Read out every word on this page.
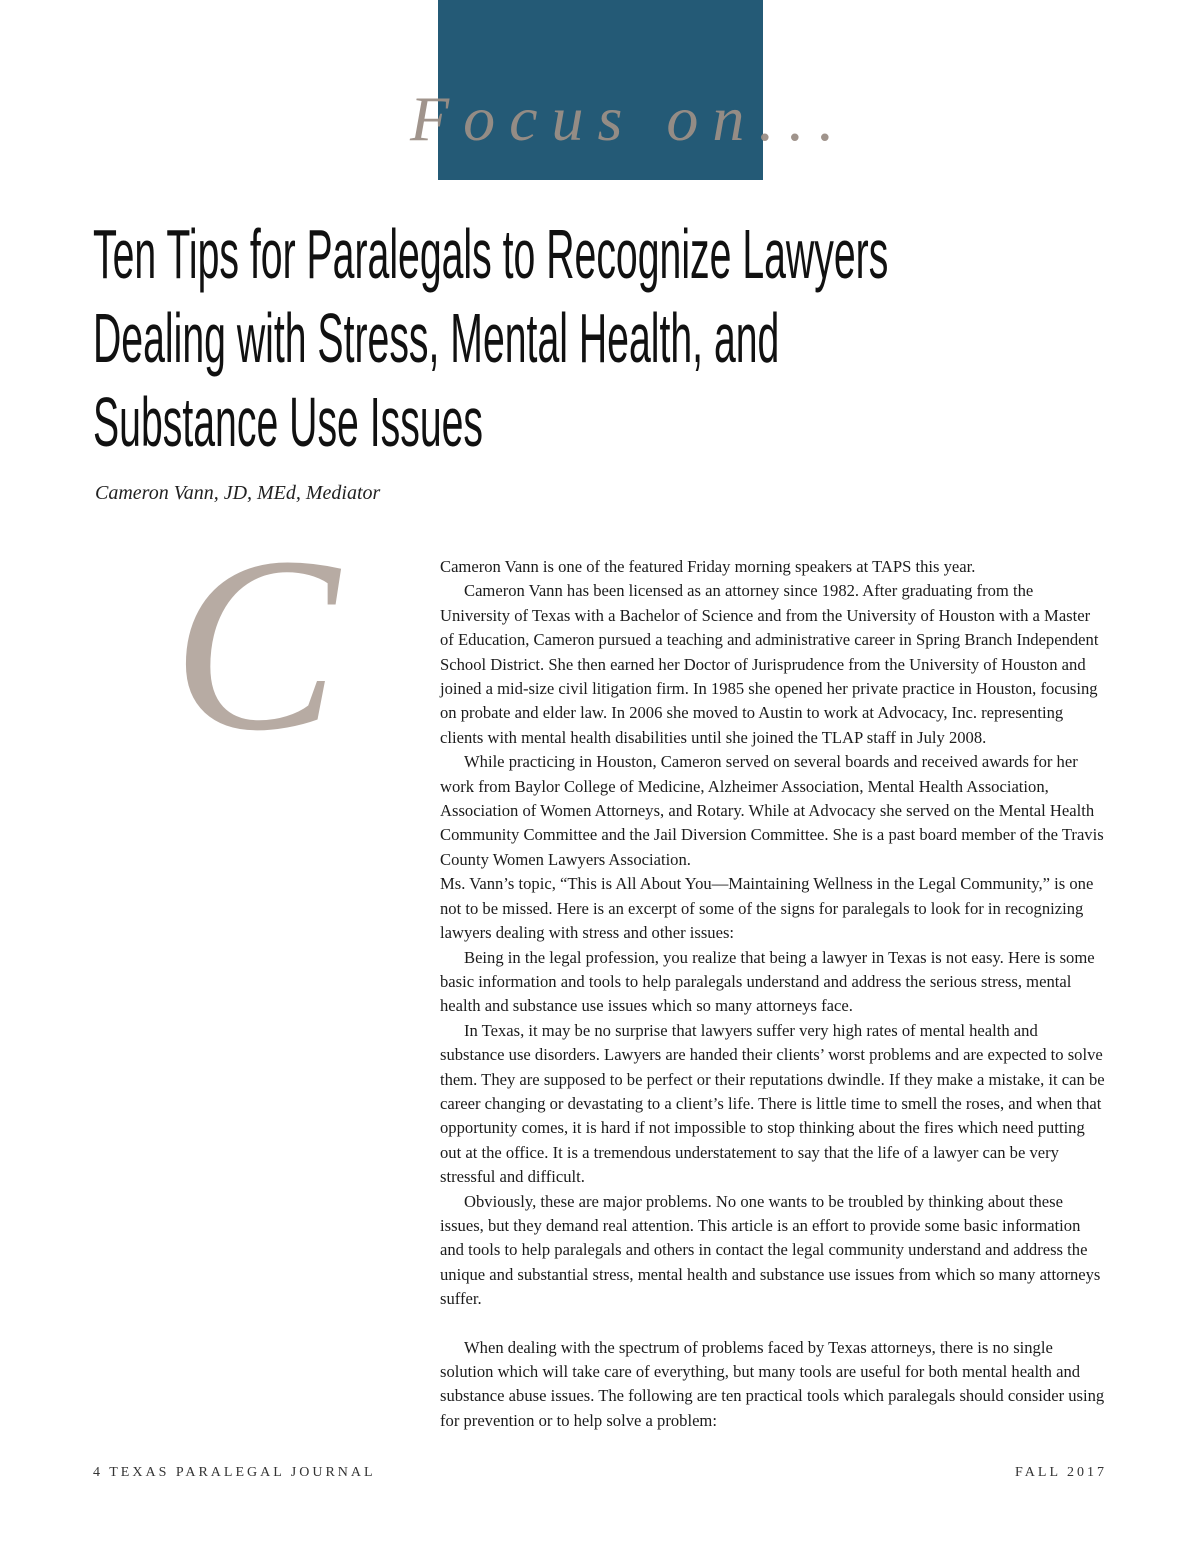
Focus on...
Ten Tips for Paralegals to Recognize Lawyers
Dealing with Stress, Mental Health, and
Substance Use Issues
Cameron Vann, JD, MEd, Mediator
C	Cameron Vann is one of the featured Friday morning speakers at TAPS this year.

Cameron Vann has been licensed as an attorney since 1982. After graduating from the University of Texas with a Bachelor of Science and from the University of Houston with a Master of Education, Cameron pursued a teaching and administrative career in Spring Branch Independent School District. She then earned her Doctor of Jurisprudence from the University of Houston and joined a mid-size civil litigation firm. In 1985 she opened her private practice in Houston, focusing on probate and elder law. In 2006 she moved to Austin to work at Advocacy, Inc. representing clients with mental health disabilities until she joined the TLAP staff in July 2008.

While practicing in Houston, Cameron served on several boards and received awards for her work from Baylor College of Medicine, Alzheimer Association, Mental Health Association, Association of Women Attorneys, and Rotary. While at Advocacy she served on the Mental Health Community Committee and the Jail Diversion Committee. She is a past board member of the Travis County Women Lawyers Association.

Ms. Vann’s topic, “This is All About You—Maintaining Wellness in the Legal Community,” is one not to be missed. Here is an excerpt of some of the signs for paralegals to look for in recognizing lawyers dealing with stress and other issues:

Being in the legal profession, you realize that being a lawyer in Texas is not easy. Here is some basic information and tools to help paralegals understand and address the serious stress, mental health and substance use issues which so many attorneys face.

In Texas, it may be no surprise that lawyers suffer very high rates of mental health and substance use disorders. Lawyers are handed their clients’ worst problems and are expected to solve them. They are supposed to be perfect or their reputations dwindle. If they make a mistake, it can be career changing or devastating to a client’s life. There is little time to smell the roses, and when that opportunity comes, it is hard if not impossible to stop thinking about the fires which need putting out at the office. It is a tremendous understatement to say that the life of a lawyer can be very stressful and difficult.

Obviously, these are major problems. No one wants to be troubled by thinking about these issues, but they demand real attention. This article is an effort to provide some basic information and tools to help paralegals and others in contact the legal community understand and address the unique and substantial stress, mental health and substance use issues from which so many attorneys suffer.

When dealing with the spectrum of problems faced by Texas attorneys, there is no single solution which will take care of everything, but many tools are useful for both mental health and substance abuse issues. The following are ten practical tools which paralegals should consider using for prevention or to help solve a problem:

4 TEXAS PARALEGAL JOURNAL	FALL 2017
